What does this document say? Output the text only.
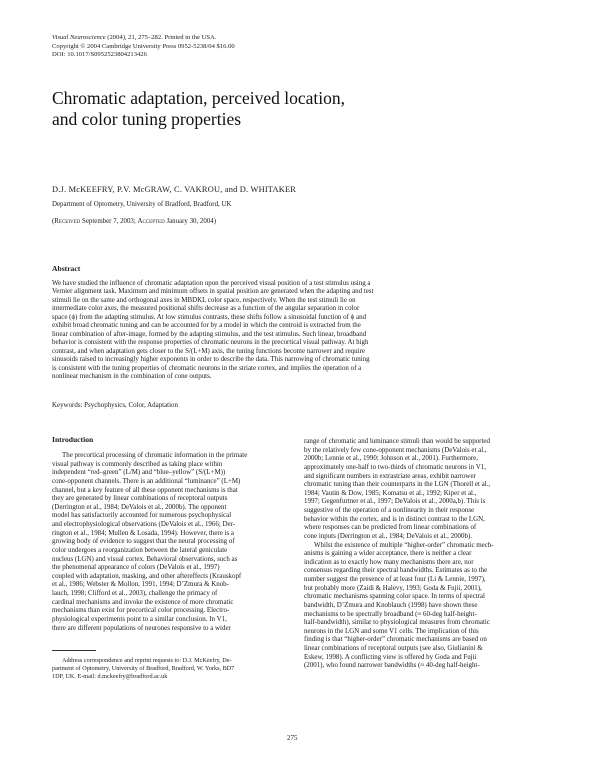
Visual Neuroscience (2004), 21, 275–282. Printed in the USA.
Copyright © 2004 Cambridge University Press 0952-5238/04 $16.00
DOI: 10.1017/S0952523804213426
Chromatic adaptation, perceived location,
and color tuning properties
D.J. McKEEFRY, P.V. McGRAW, C. VAKROU, and D. WHITAKER
Department of Optometry, University of Bradford, Bradford, UK
(Received September 7, 2003; Accepted January 30, 2004)
Abstract
We have studied the influence of chromatic adaptation upon the perceived visual position of a test stimulus using a
Vernier alignment task. Maximum and minimum offsets in spatial position are generated when the adapting and test
stimuli lie on the same and orthogonal axes in MBDKL color space, respectively. When the test stimuli lie on
intermediate color axes, the measured positional shifts decrease as a function of the angular separation in color
space (ϕ) from the adapting stimulus. At low stimulus contrasts, these shifts follow a sinusoidal function of ϕ and
exhibit broad chromatic tuning and can be accounted for by a model in which the centroid is extracted from the
linear combination of after-image, formed by the adapting stimulus, and the test stimulus. Such linear, broadband
behavior is consistent with the response properties of chromatic neurons in the precortical visual pathway. At high
contrast, and when adaptation gets closer to the S/(L+M) axis, the tuning functions become narrower and require
sinusoids raised to increasingly higher exponents in order to describe the data. This narrowing of chromatic tuning
is consistent with the tuning properties of chromatic neurons in the striate cortex, and implies the operation of a
nonlinear mechanism in the combination of cone outputs.
Keywords: Psychophysics, Color, Adaptation
Introduction
The precortical processing of chromatic information in the primate
visual pathway is commonly described as taking place within
independent “red–green” (L/M) and “blue–yellow” (S/(L+M))
cone-opponent channels. There is an additional “luminance” (L+M)
channel, but a key feature of all these opponent mechanisms is that
they are generated by linear combinations of receptoral outputs
(Derrington et al., 1984; DeValois et al., 2000b). The opponent
model has satisfactorily accounted for numerous psychophysical
and electrophysiological observations (DeValois et al., 1966; Der-
rington et al., 1984; Mullen & Losada, 1994). However, there is a
growing body of evidence to suggest that the neural processing of
color undergoes a reorganization between the lateral geniculate
nucleus (LGN) and visual cortex. Behavioral observations, such as
the phenomenal appearance of colors (DeValois et al., 1997)
coupled with adaptation, masking, and other aftereffects (Krauskopf
et al., 1986; Webster & Mollon, 1991, 1994; D’Zmura & Knob-
lauch, 1998; Clifford et al., 2003), challenge the primacy of
cardinal mechanisms and invoke the existence of more chromatic
mechanisms than exist for precortical color processing. Electro-
physiological experiments point to a similar conclusion. In V1,
there are different populations of neurones responsive to a wider
range of chromatic and luminance stimuli than would be supported
by the relatively few cone-opponent mechanisms (DeValois et al.,
2000b; Lennie et al., 1990; Johnson et al., 2001). Furthermore,
approximately one-half to two-thirds of chromatic neurons in V1,
and significant numbers in extrastriate areas, exhibit narrower
chromatic tuning than their counterparts in the LGN (Thorell et al.,
1984; Vautin & Dow, 1985; Komatsu et al., 1992; Kiper et al.,
1997; Gegenfurtner et al., 1997; DeValois et al., 2000a,b). This is
suggestive of the operation of a nonlinearity in their response
behavior within the cortex, and is in distinct contrast to the LGN,
where responses can be predicted from linear combinations of
cone inputs (Derrington et al., 1984; DeValois et al., 2000b).
Whilst the existence of multiple “higher-order” chromatic mech-
anisms is gaining a wider acceptance, there is neither a clear
indication as to exactly how many mechanisms there are, nor
consensus regarding their spectral bandwidths. Estimates as to the
number suggest the presence of at least four (Li & Lennie, 1997),
but probably more (Zaidi & Halevy, 1993; Goda & Fujii, 2001),
chromatic mechanisms spanning color space. In terms of spectral
bandwidth, D’Zmura and Knoblauch (1998) have shown these
mechanisms to be spectrally broadband (≈ 60-deg half-height-
half-bandwidth), similar to physiological measures from chromatic
neurons in the LGN and some V1 cells. The implication of this
finding is that “higher-order” chromatic mechanisms are based on
linear combinations of receptoral outputs (see also, Giulianini &
Eskew, 1998). A conflicting view is offered by Goda and Fujii
(2001), who found narrower bandwidths (≈ 40-deg half-height-
Address correspondence and reprint requests to: D.J. McKeefry, De-
partment of Optometry, University of Bradford, Bradford, W. Yorks, BD7
1DP, UK. E-mail: d.mckeefry@bradford.ac.uk
275
